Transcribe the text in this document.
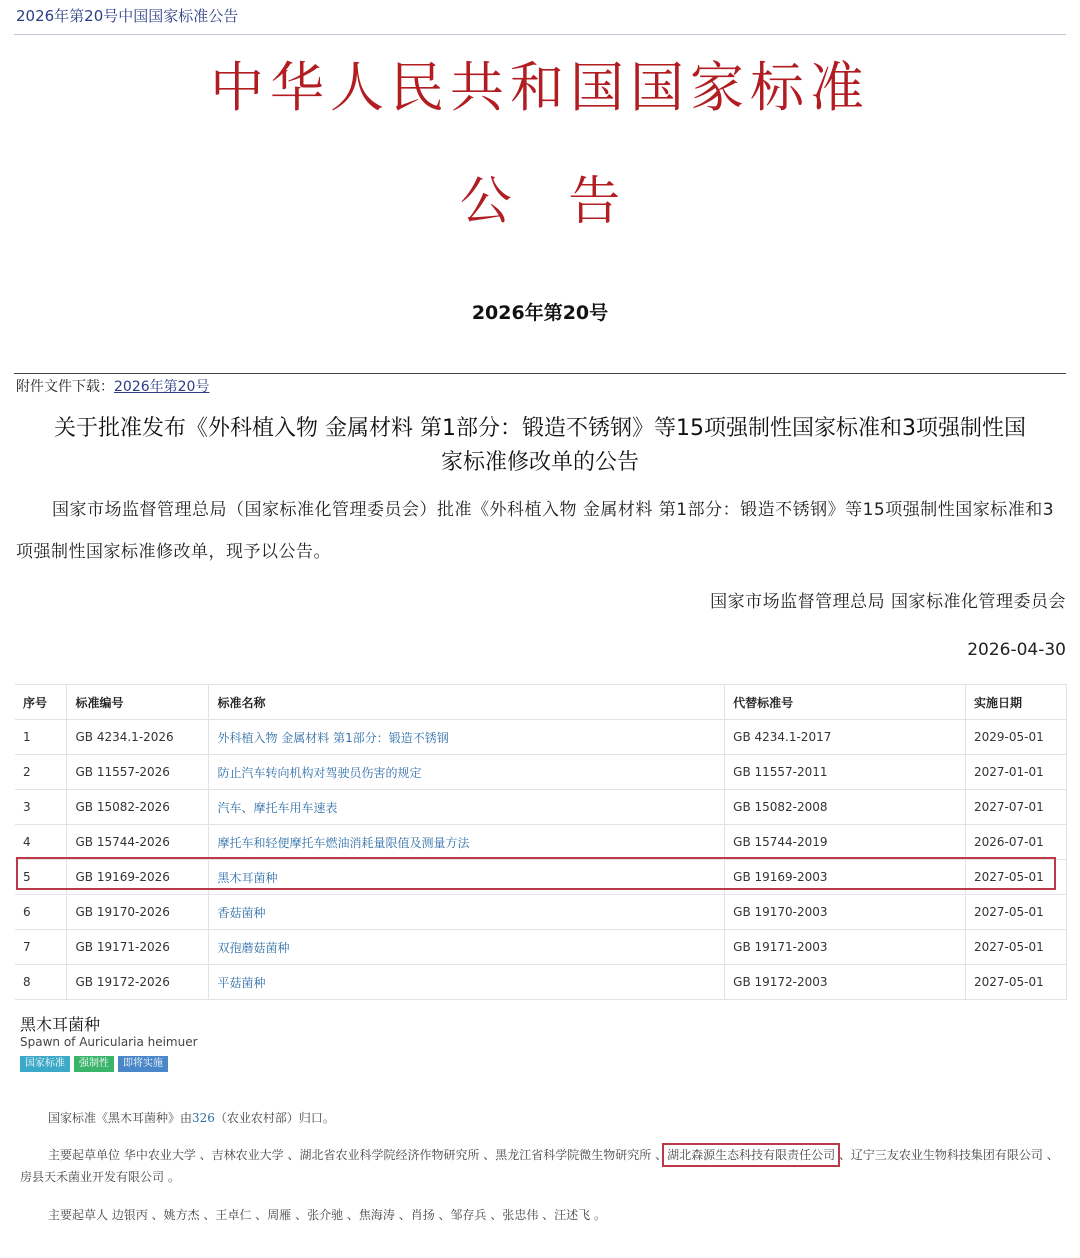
2026年第20号中国国家标准公告
中华人民共和国国家标准
公 告
2026年第20号
附件文件下载：2026年第20号
关于批准发布《外科植入物 金属材料 第1部分：锻造不锈钢》等15项强制性国家标准和3项强制性国
家标准修改单的公告
国家市场监督管理总局（国家标准化管理委员会）批准《外科植入物 金属材料 第1部分：锻造不锈钢》等15项强制性国家标准和3项强制性国家标准修改单，现予以公告。
国家市场监督管理总局 国家标准化管理委员会
2026-04-30
序号	标准编号	标准名称	代替标准号	实施日期
1	GB 4234.1-2026	外科植入物 金属材料 第1部分：锻造不锈钢	GB 4234.1-2017	2029-05-01
2	GB 11557-2026	防止汽车转向机构对驾驶员伤害的规定	GB 11557-2011	2027-01-01
3	GB 15082-2026	汽车、摩托车用车速表	GB 15082-2008	2027-07-01
4	GB 15744-2026	摩托车和轻便摩托车燃油消耗量限值及测量方法	GB 15744-2019	2026-07-01
5	GB 19169-2026	黑木耳菌种	GB 19169-2003	2027-05-01
6	GB 19170-2026	香菇菌种	GB 19170-2003	2027-05-01
7	GB 19171-2026	双孢蘑菇菌种	GB 19171-2003	2027-05-01
8	GB 19172-2026	平菇菌种	GB 19172-2003	2027-05-01
黑木耳菌种
Spawn of Auricularia heimuer
国家标准	强制性	即将实施
国家标准《黑木耳菌种》由326（农业农村部）归口。
主要起草单位 华中农业大学 、吉林农业大学 、湖北省农业科学院经济作物研究所 、黑龙江省科学院微生物研究所 、湖北森源生态科技有限责任公司 、辽宁三友农业生物科技集团有限公司 、房县天禾菌业开发有限公司 。
主要起草人 边银丙 、姚方杰 、王卓仁 、周雁 、张介驰 、焦海涛 、肖扬 、邹存兵 、张忠伟 、汪述飞 。
